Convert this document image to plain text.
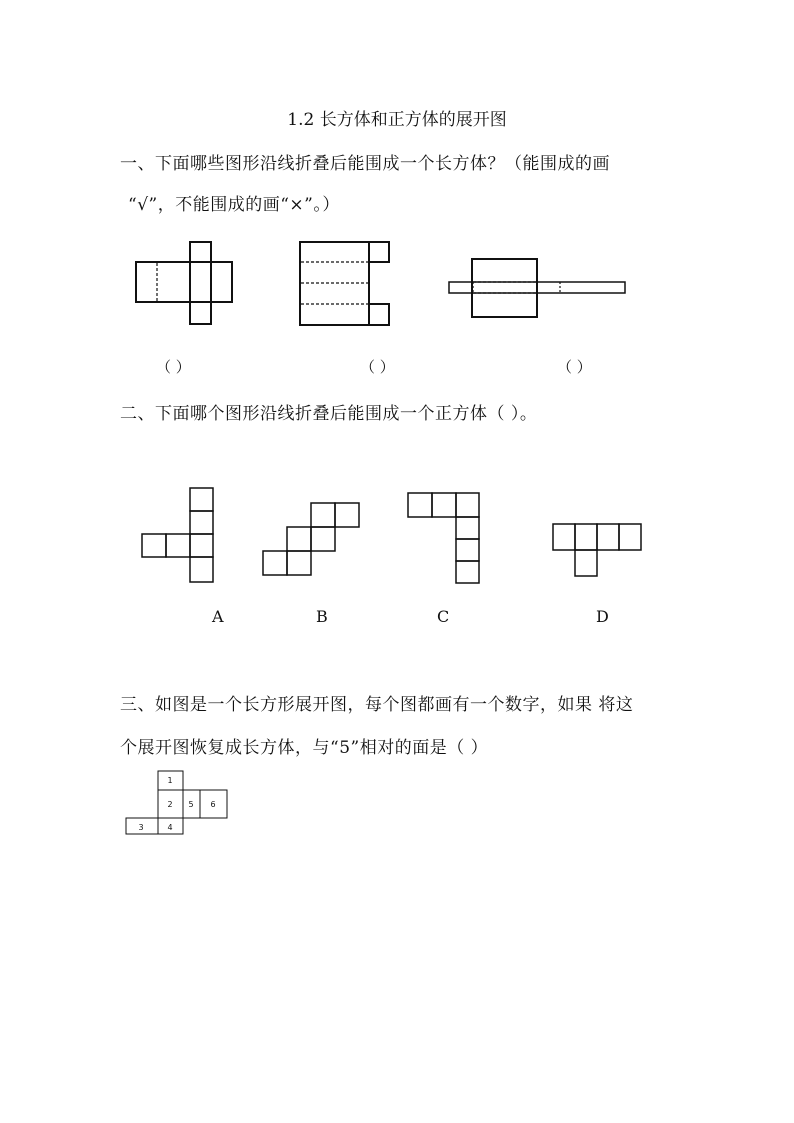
1.2 长方体和正方体的展开图
一、下面哪些图形沿线折叠后能围成一个长方体？（能围成的画
“√”，不能围成的画“×”。）
（ ）	（ ）	（ ）
二、下面哪个图形沿线折叠后能围成一个正方体（ ）。
A	B	C	D
三、如图是一个长方形展开图，每个图都画有一个数字，如果 将这
个展开图恢复成长方体，与“5”相对的面是（ ）
1
2 5 6
3	4
